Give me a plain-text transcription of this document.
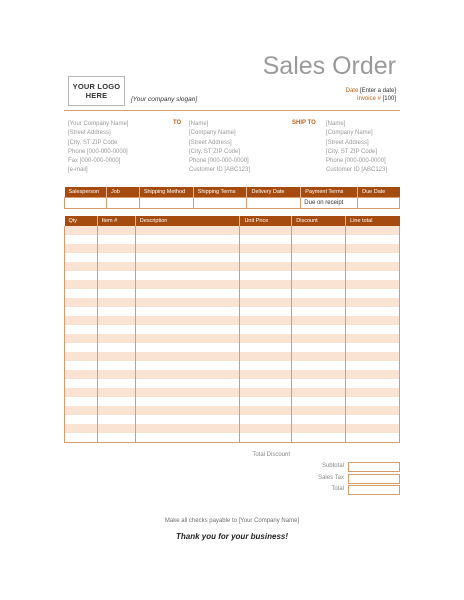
Sales Order
YOUR LOGO
HERE	[Your company slogan]
Date [Enter a date]
Invoice # [100]
[Your Company Name]
[Street Address]
[City, ST ZIP Code
Phone [000-000-0000]
Fax [000-000-0000]
[e-mail]
TO [Name]
[Company Name]
[Street Address]
[City, ST ZIP Code]
Phone [000-000-0000]
Customer ID [ABC123]
SHIP TO [Name]
[Company Name]
[Street Address]
[City, ST ZIP Code]
Phone [000-000-0000]
Customer ID [ABC123]
Salesperson	Job	Shipping Method	Shipping Terms	Delivery Date	Payment Terms	Due Date
					Due on receipt	
Qty	Item #	Description	Unit Price	Discount	Line total

Total Discount
Subtotal
Sales Tax
Total
Make all checks payable to [Your Company Name]
Thank you for your business!
